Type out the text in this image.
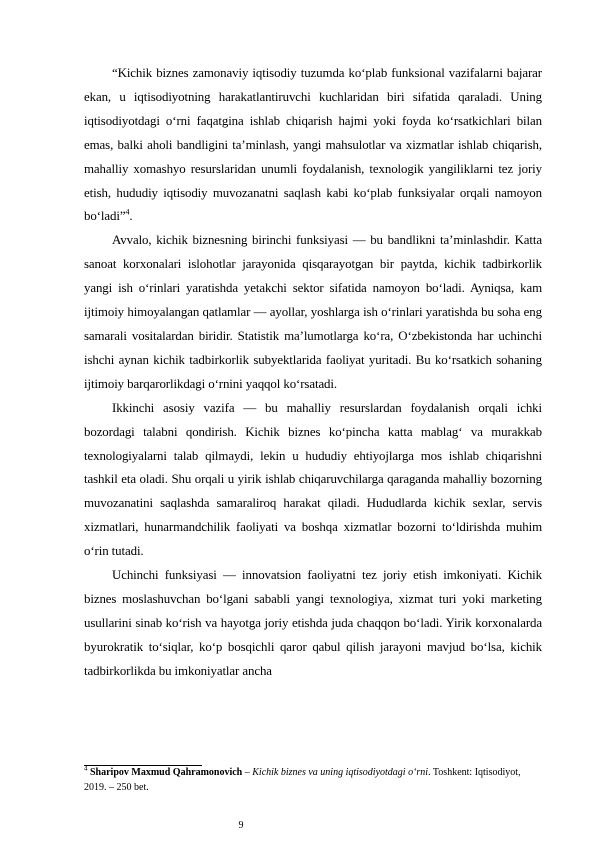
“Kichik biznes zamonaviy iqtisodiy tuzumda ko‘plab funksional vazifalarni bajarar ekan, u iqtisodiyotning harakatlantiruvchi kuchlaridan biri sifatida qaraladi. Uning iqtisodiyotdagi o‘rni faqatgina ishlab chiqarish hajmi yoki foyda ko‘rsatkichlari bilan emas, balki aholi bandligini ta’minlash, yangi mahsulotlar va xizmatlar ishlab chiqarish, mahalliy xomashyo resurslaridan unumli foydalanish, texnologik yangiliklarni tez joriy etish, hududiy iqtisodiy muvozanatni saqlash kabi ko‘plab funksiyalar orqali namoyon bo‘ladi”$^4$.

Avvalo, kichik biznesning birinchi funksiyasi — bu bandlikni ta’minlashdir. Katta sanoat korxonalari islohotlar jarayonida qisqarayotgan bir paytda, kichik tadbirkorlik yangi ish o‘rinlari yaratishda yetakchi sektor sifatida namoyon bo‘ladi. Ayniqsa, kam ijtimoiy himoyalangan qatlamlar — ayollar, yoshlarga ish o‘rinlari yaratishda bu soha eng samarali vositalardan biridir. Statistik ma’lumotlarga ko‘ra, O‘zbekistonda har uchinchi ishchi aynan kichik tadbirkorlik subyektlarida faoliyat yuritadi. Bu ko‘rsatkich sohaning ijtimoiy barqarorlikdagi o‘rnini yaqqol ko‘rsatadi.

Ikkinchi asosiy vazifa — bu mahalliy resurslardan foydalanish orqali ichki bozordagi talabni qondirish. Kichik biznes ko‘pincha katta mablag‘ va murakkab texnologiyalarni talab qilmaydi, lekin u hududiy ehtiyojlarga mos ishlab chiqarishni tashkil eta oladi. Shu orqali u yirik ishlab chiqaruvchilarga qaraganda mahalliy bozorning muvozanatini saqlashda samaraliroq harakat qiladi. Hududlarda kichik sexlar, servis xizmatlari, hunarmandchilik faoliyati va boshqa xizmatlar bozorni to‘ldirishda muhim o‘rin tutadi.

Uchinchi funksiyasi — innovatsion faoliyatni tez joriy etish imkoniyati. Kichik biznes moslashuvchan bo‘lgani sababli yangi texnologiya, xizmat turi yoki marketing usullarini sinab ko‘rish va hayotga joriy etishda juda chaqqon bo‘ladi. Yirik korxonalarda byurokratik to‘siqlar, ko‘p bosqichli qaror qabul qilish jarayoni mavjud bo‘lsa, kichik tadbirkorlikda bu imkoniyatlar ancha

$^4$ Sharipov Maxmud Qahramonovich – Kichik biznes va uning iqtisodiyotdagi o‘rni. Toshkent: Iqtisodiyot, 2019. – 250 bet.
9
